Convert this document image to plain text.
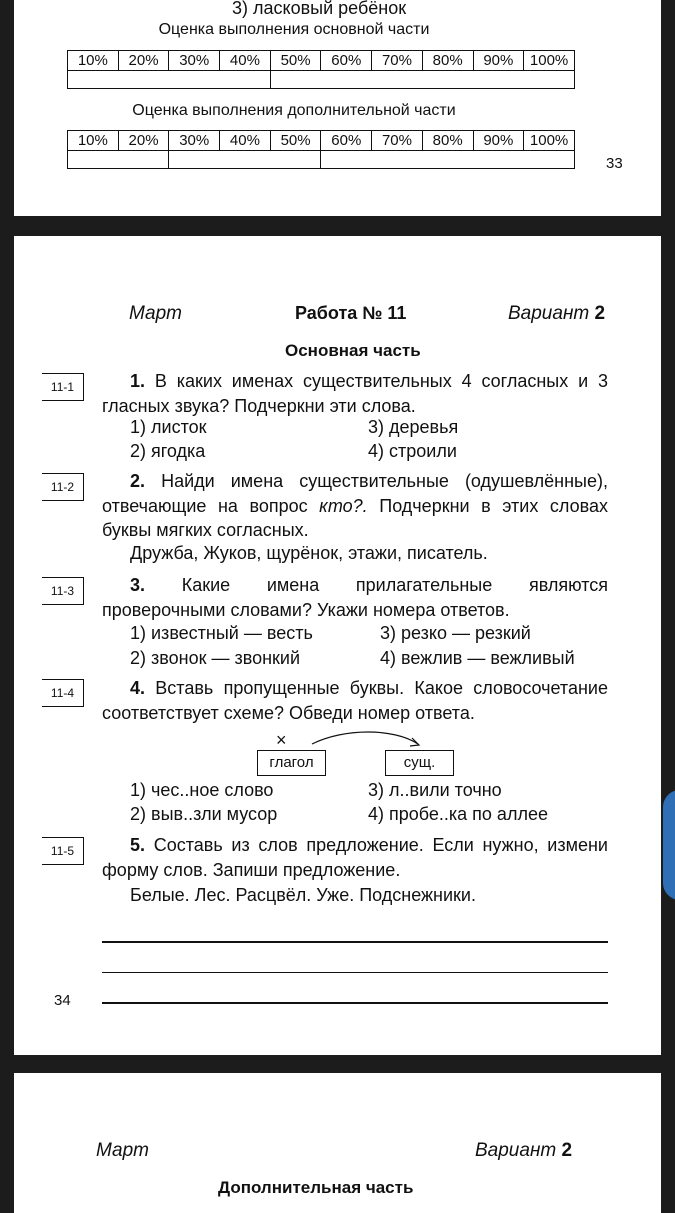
3) ласковый ребёнок
Оценка выполнения основной части
10%	20%	30%	40%	50%	60%	70%	80%	90%	100%

Оценка выполнения дополнительной части
10%	20%	30%	40%	50%	60%	70%	80%	90%	100%

33
Март	Работа № 11	Вариант 2
Основная часть
11-1	1. В каких именах существительных 4 согласных и 3 гласных звука? Подчеркни эти слова.
1) листок	3) деревья
2) ягодка	4) строили
11-2	2. Найди имена существительные (одушевлённые), отвечающие на вопрос кто?. Подчеркни в этих словах буквы мягких согласных.
Дружба, Жуков, щурёнок, этажи, писатель.
11-3	3. Какие имена прилагательные являются проверочными словами? Укажи номера ответов.
1) известный — весть	3) резко — резкий
2) звонок — звонкий	4) вежлив — вежливый
11-4	4. Вставь пропущенные буквы. Какое словосочетание соответствует схеме? Обведи номер ответа.
×
глагол	сущ.
1) чес..ное слово	3) л..вили точно
2) выв..зли мусор	4) пробе..ка по аллее
11-5	5. Составь из слов предложение. Если нужно, измени форму слов. Запиши предложение.
Белые. Лес. Расцвёл. Уже. Подснежники.
34
Март	Вариант 2
Дополнительная часть
